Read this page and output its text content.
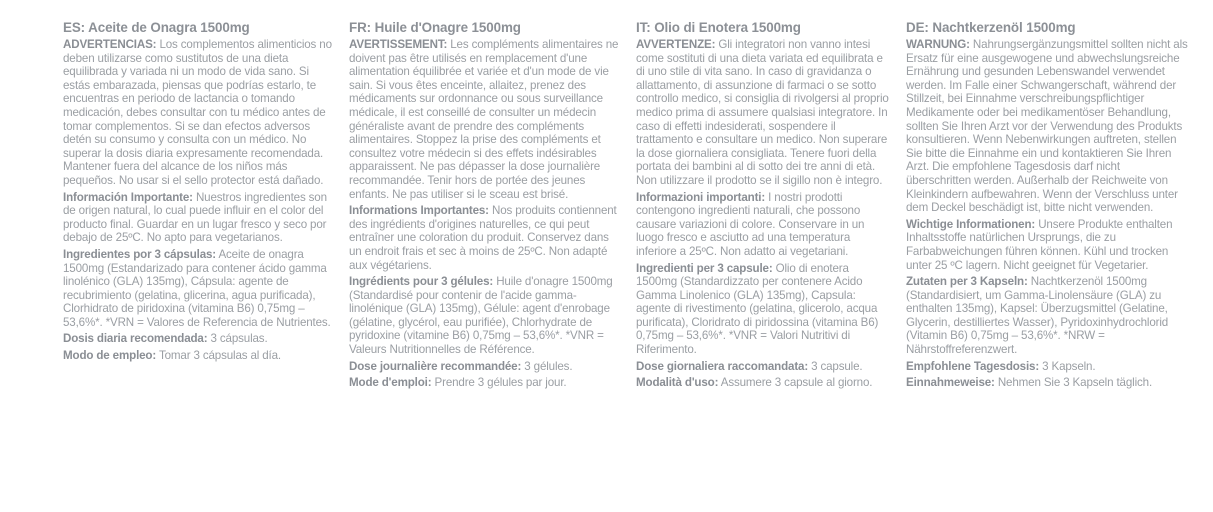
ES: Aceite de Onagra 1500mg

ADVERTENCIAS: Los complementos alimenticios no deben utilizarse como sustitutos de una dieta equilibrada y variada ni un modo de vida sano. Si estás embarazada, piensas que podrías estarlo, te encuentras en periodo de lactancia o tomando medicación, debes consultar con tu médico antes de tomar complementos. Si se dan efectos adversos detén su consumo y consulta con un médico. No superar la dosis diaria expresamente recomendada. Mantener fuera del alcance de los niños más pequeños. No usar si el sello protector está dañado.

Información Importante: Nuestros ingredientes son de origen natural, lo cual puede influir en el color del producto final. Guardar en un lugar fresco y seco por debajo de 25ºC. No apto para vegetarianos.

Ingredientes por 3 cápsulas: Aceite de onagra 1500mg (Estandarizado para contener ácido gamma linolénico (GLA) 135mg), Cápsula: agente de recubrimiento (gelatina, glicerina, agua purificada), Clorhidrato de piridoxina (vitamina B6) 0,75mg – 53,6%*. *VRN = Valores de Referencia de Nutrientes.

Dosis diaria recomendada: 3 cápsulas.

Modo de empleo: Tomar 3 cápsulas al día.

FR: Huile d'Onagre 1500mg

AVERTISSEMENT: Les compléments alimentaires ne doivent pas être utilisés en remplacement d'une alimentation équilibrée et variée et d'un mode de vie sain. Si vous êtes enceinte, allaitez, prenez des médicaments sur ordonnance ou sous surveillance médicale, il est conseillé de consulter un médecin généraliste avant de prendre des compléments alimentaires. Stoppez la prise des compléments et consultez votre médecin si des effets indésirables apparaissent. Ne pas dépasser la dose journalière recommandée. Tenir hors de portée des jeunes enfants. Ne pas utiliser si le sceau est brisé.

Informations Importantes: Nos produits contiennent des ingrédients d'origines naturelles, ce qui peut entraîner une coloration du produit. Conservez dans un endroit frais et sec à moins de 25ºC. Non adapté aux végétariens.

Ingrédients pour 3 gélules: Huile d'onagre 1500mg (Standardisé pour contenir de l'acide gamma-linolénique (GLA) 135mg), Gélule: agent d'enrobage (gélatine, glycérol, eau purifiée), Chlorhydrate de pyridoxine (vitamine B6) 0,75mg – 53,6%*. *VNR = Valeurs Nutritionnelles de Référence.

Dose journalière recommandée: 3 gélules.

Mode d'emploi: Prendre 3 gélules par jour.

IT: Olio di Enotera 1500mg

AVVERTENZE: Gli integratori non vanno intesi come sostituti di una dieta variata ed equilibrata e di uno stile di vita sano. In caso di gravidanza o allattamento, di assunzione di farmaci o se sotto controllo medico, si consiglia di rivolgersi al proprio medico prima di assumere qualsiasi integratore. In caso di effetti indesiderati, sospendere il trattamento e consultare un medico. Non superare la dose giornaliera consigliata. Tenere fuori della portata dei bambini al di sotto dei tre anni di età. Non utilizzare il prodotto se il sigillo non è integro.

Informazioni importanti: I nostri prodotti contengono ingredienti naturali, che possono causare variazioni di colore. Conservare in un luogo fresco e asciutto ad una temperatura inferiore a 25ºC. Non adatto ai vegetariani.

Ingredienti per 3 capsule: Olio di enotera 1500mg (Standardizzato per contenere Acido Gamma Linolenico (GLA) 135mg), Capsula: agente di rivestimento (gelatina, glicerolo, acqua purificata), Cloridrato di piridossina (vitamina B6) 0,75mg – 53,6%*. *VNR = Valori Nutritivi di Riferimento.

Dose giornaliera raccomandata: 3 capsule.

Modalità d'uso: Assumere 3 capsule al giorno.

DE: Nachtkerzenöl 1500mg

WARNUNG: Nahrungsergänzungsmittel sollten nicht als Ersatz für eine ausgewogene und abwechslungsreiche Ernährung und gesunden Lebenswandel verwendet werden. Im Falle einer Schwangerschaft, während der Stillzeit, bei Einnahme verschreibungspflichtiger Medikamente oder bei medikamentöser Behandlung, sollten Sie Ihren Arzt vor der Verwendung des Produkts konsultieren. Wenn Nebenwirkungen auftreten, stellen Sie bitte die Einnahme ein und kontaktieren Sie Ihren Arzt. Die empfohlene Tagesdosis darf nicht überschritten werden. Außerhalb der Reichweite von Kleinkindern aufbewahren. Wenn der Verschluss unter dem Deckel beschädigt ist, bitte nicht verwenden.

Wichtige Informationen: Unsere Produkte enthalten Inhaltsstoffe natürlichen Ursprungs, die zu Farbabweichungen führen können. Kühl und trocken unter 25 ºC lagern. Nicht geeignet für Vegetarier.

Zutaten per 3 Kapseln: Nachtkerzenöl 1500mg (Standardisiert, um Gamma-Linolensäure (GLA) zu enthalten 135mg), Kapsel: Überzugsmittel (Gelatine, Glycerin, destilliertes Wasser), Pyridoxinhydrochlorid (Vitamin B6) 0,75mg – 53,6%*. *NRW = Nährstoffreferenzwert.

Empfohlene Tagesdosis: 3 Kapseln.

Einnahmeweise: Nehmen Sie 3 Kapseln täglich.
